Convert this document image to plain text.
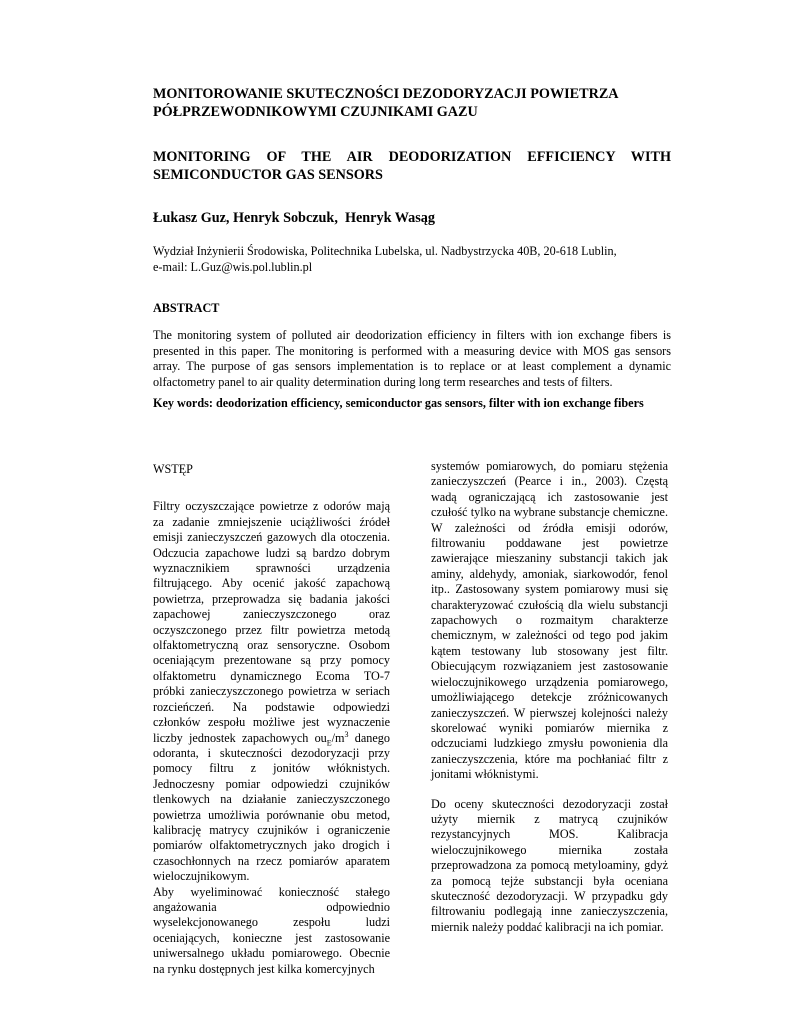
MONITOROWANIE SKUTECZNOŚCI DEZODORYZACJI POWIETRZA
PÓŁPRZEWODNIKOWYMI CZUJNIKAMI GAZU
MONITORING OF THE AIR DEODORIZATION EFFICIENCY WITH
SEMICONDUCTOR GAS SENSORS
Łukasz Guz, Henryk Sobczuk,  Henryk Wasąg
Wydział Inżynierii Środowiska, Politechnika Lubelska, ul. Nadbystrzycka 40B, 20-618 Lublin,
e-mail: L.Guz@wis.pol.lublin.pl
ABSTRACT

The monitoring system of polluted air deodorization efficiency in filters with ion exchange fibers is presented in this paper. The monitoring is performed with a measuring device with MOS gas sensors array. The purpose of gas sensors implementation is to replace or at least complement a dynamic olfactometry panel to air quality determination during long term researches and tests of filters.

Key words: deodorization efficiency, semiconductor gas sensors, filter with ion exchange fibers

WSTĘP

Filtry oczyszczające powietrze z odorów mają za zadanie zmniejszenie uciążliwości źródeł emisji zanieczyszczeń gazowych dla otoczenia. Odczucia zapachowe ludzi są bardzo dobrym wyznacznikiem sprawności urządzenia filtrującego. Aby ocenić jakość zapachową powietrza, przeprowadza się badania jakości zapachowej zanieczyszczonego oraz oczyszczonego przez filtr powietrza metodą olfaktometryczną oraz sensoryczne. Osobom oceniającym prezentowane są przy pomocy olfaktometru dynamicznego Ecoma TO-7 próbki zanieczyszczonego powietrza w seriach rozcieńczeń. Na podstawie odpowiedzi członków zespołu możliwe jest wyznaczenie liczby jednostek zapachowych $ou_E/m^3$ danego odoranta, i skuteczności dezodoryzacji przy pomocy filtru z jonitów włóknistych. Jednoczesny pomiar odpowiedzi czujników tlenkowych na działanie zanieczyszczonego powietrza umożliwia porównanie obu metod, kalibrację matrycy czujników i ograniczenie pomiarów olfaktometrycznych jako drogich i czasochłonnych na rzecz pomiarów aparatem wieloczujnikowym.

Aby wyeliminować konieczność stałego angażowania odpowiednio wyselekcjonowanego zespołu ludzi oceniających, konieczne jest zastosowanie uniwersalnego układu pomiarowego. Obecnie na rynku dostępnych jest kilka komercyjnych

systemów pomiarowych, do pomiaru stężenia zanieczyszczeń (Pearce i in., 2003). Częstą wadą ograniczającą ich zastosowanie jest czułość tylko na wybrane substancje chemiczne. W zależności od źródła emisji odorów, filtrowaniu poddawane jest powietrze zawierające mieszaniny substancji takich jak aminy, aldehydy, amoniak, siarkowodór, fenol itp.. Zastosowany system pomiarowy musi się charakteryzować czułością dla wielu substancji zapachowych o rozmaitym charakterze chemicznym, w zależności od tego pod jakim kątem testowany lub stosowany jest filtr. Obiecującym rozwiązaniem jest zastosowanie wieloczujnikowego urządzenia pomiarowego, umożliwiającego detekcje zróżnicowanych zanieczyszczeń. W pierwszej kolejności należy skorelować wyniki pomiarów miernika z odczuciami ludzkiego zmysłu powonienia dla zanieczyszczenia, które ma pochłaniać filtr z jonitami włóknistymi.

Do oceny skuteczności dezodoryzacji został użyty miernik z matrycą czujników rezystancyjnych MOS. Kalibracja wieloczujnikowego miernika została przeprowadzona za pomocą metyloaminy, gdyż za pomocą tejże substancji była oceniana skuteczność dezodoryzacji. W przypadku gdy filtrowaniu podlegają inne zanieczyszczenia, miernik należy poddać kalibracji na ich pomiar.
